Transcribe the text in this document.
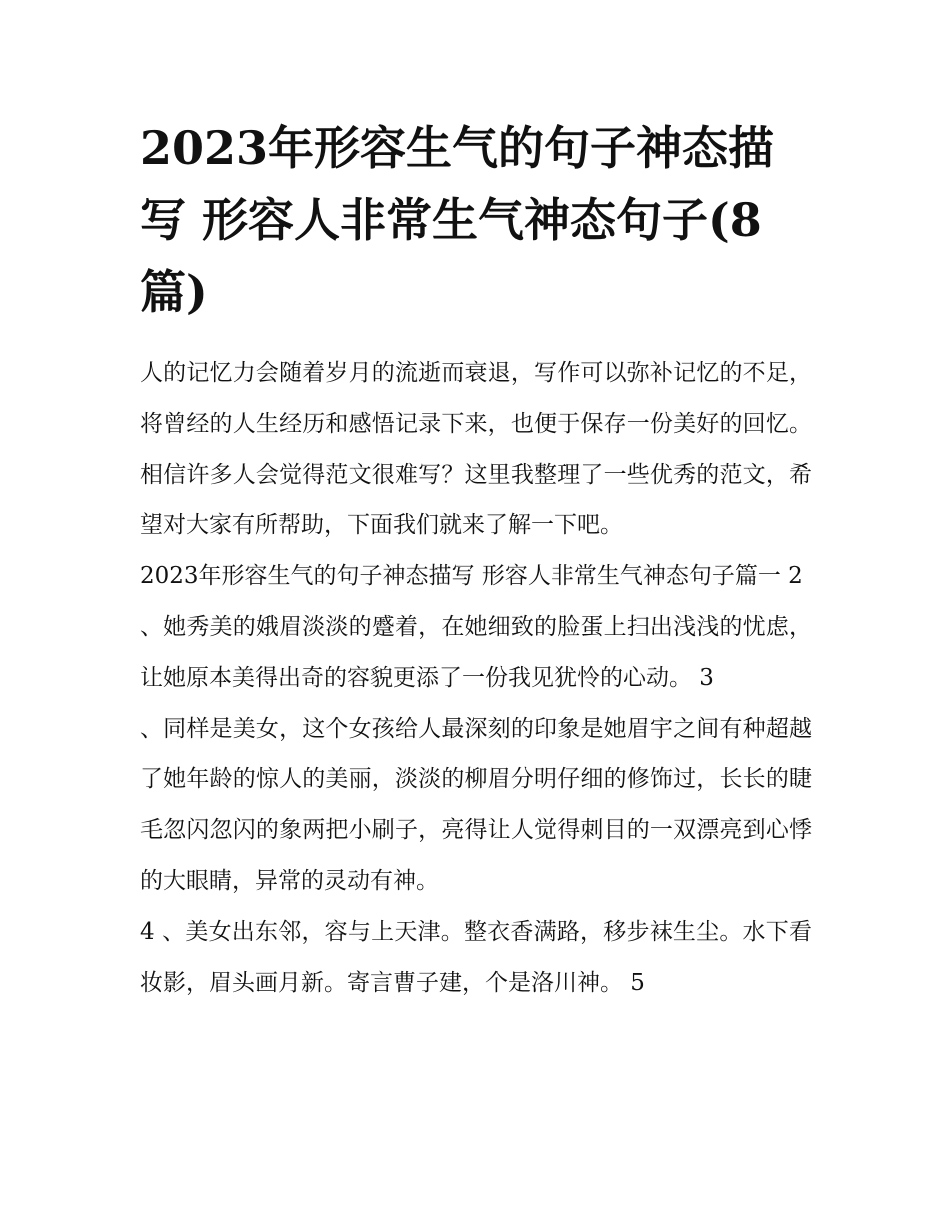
2023年形容生气的句子神态描写 形容人非常生气神态句子(8篇)

人的记忆力会随着岁月的流逝而衰退，写作可以弥补记忆的不足，将曾经的人生经历和感悟记录下来，也便于保存一份美好的回忆。相信许多人会觉得范文很难写？这里我整理了一些优秀的范文，希望对大家有所帮助，下面我们就来了解一下吧。

2023年形容生气的句子神态描写 形容人非常生气神态句子篇一 2

、她秀美的娥眉淡淡的蹙着，在她细致的脸蛋上扫出浅浅的忧虑，让她原本美得出奇的容貌更添了一份我见犹怜的心动。 3

、同样是美女，这个女孩给人最深刻的印象是她眉宇之间有种超越了她年龄的惊人的美丽，淡淡的柳眉分明仔细的修饰过，长长的睫毛忽闪忽闪的象两把小刷子，亮得让人觉得刺目的一双漂亮到心悸的大眼睛，异常的灵动有神。

4 、美女出东邻，容与上天津。整衣香满路，移步袜生尘。水下看妆影，眉头画月新。寄言曹子建，个是洛川神。 5
